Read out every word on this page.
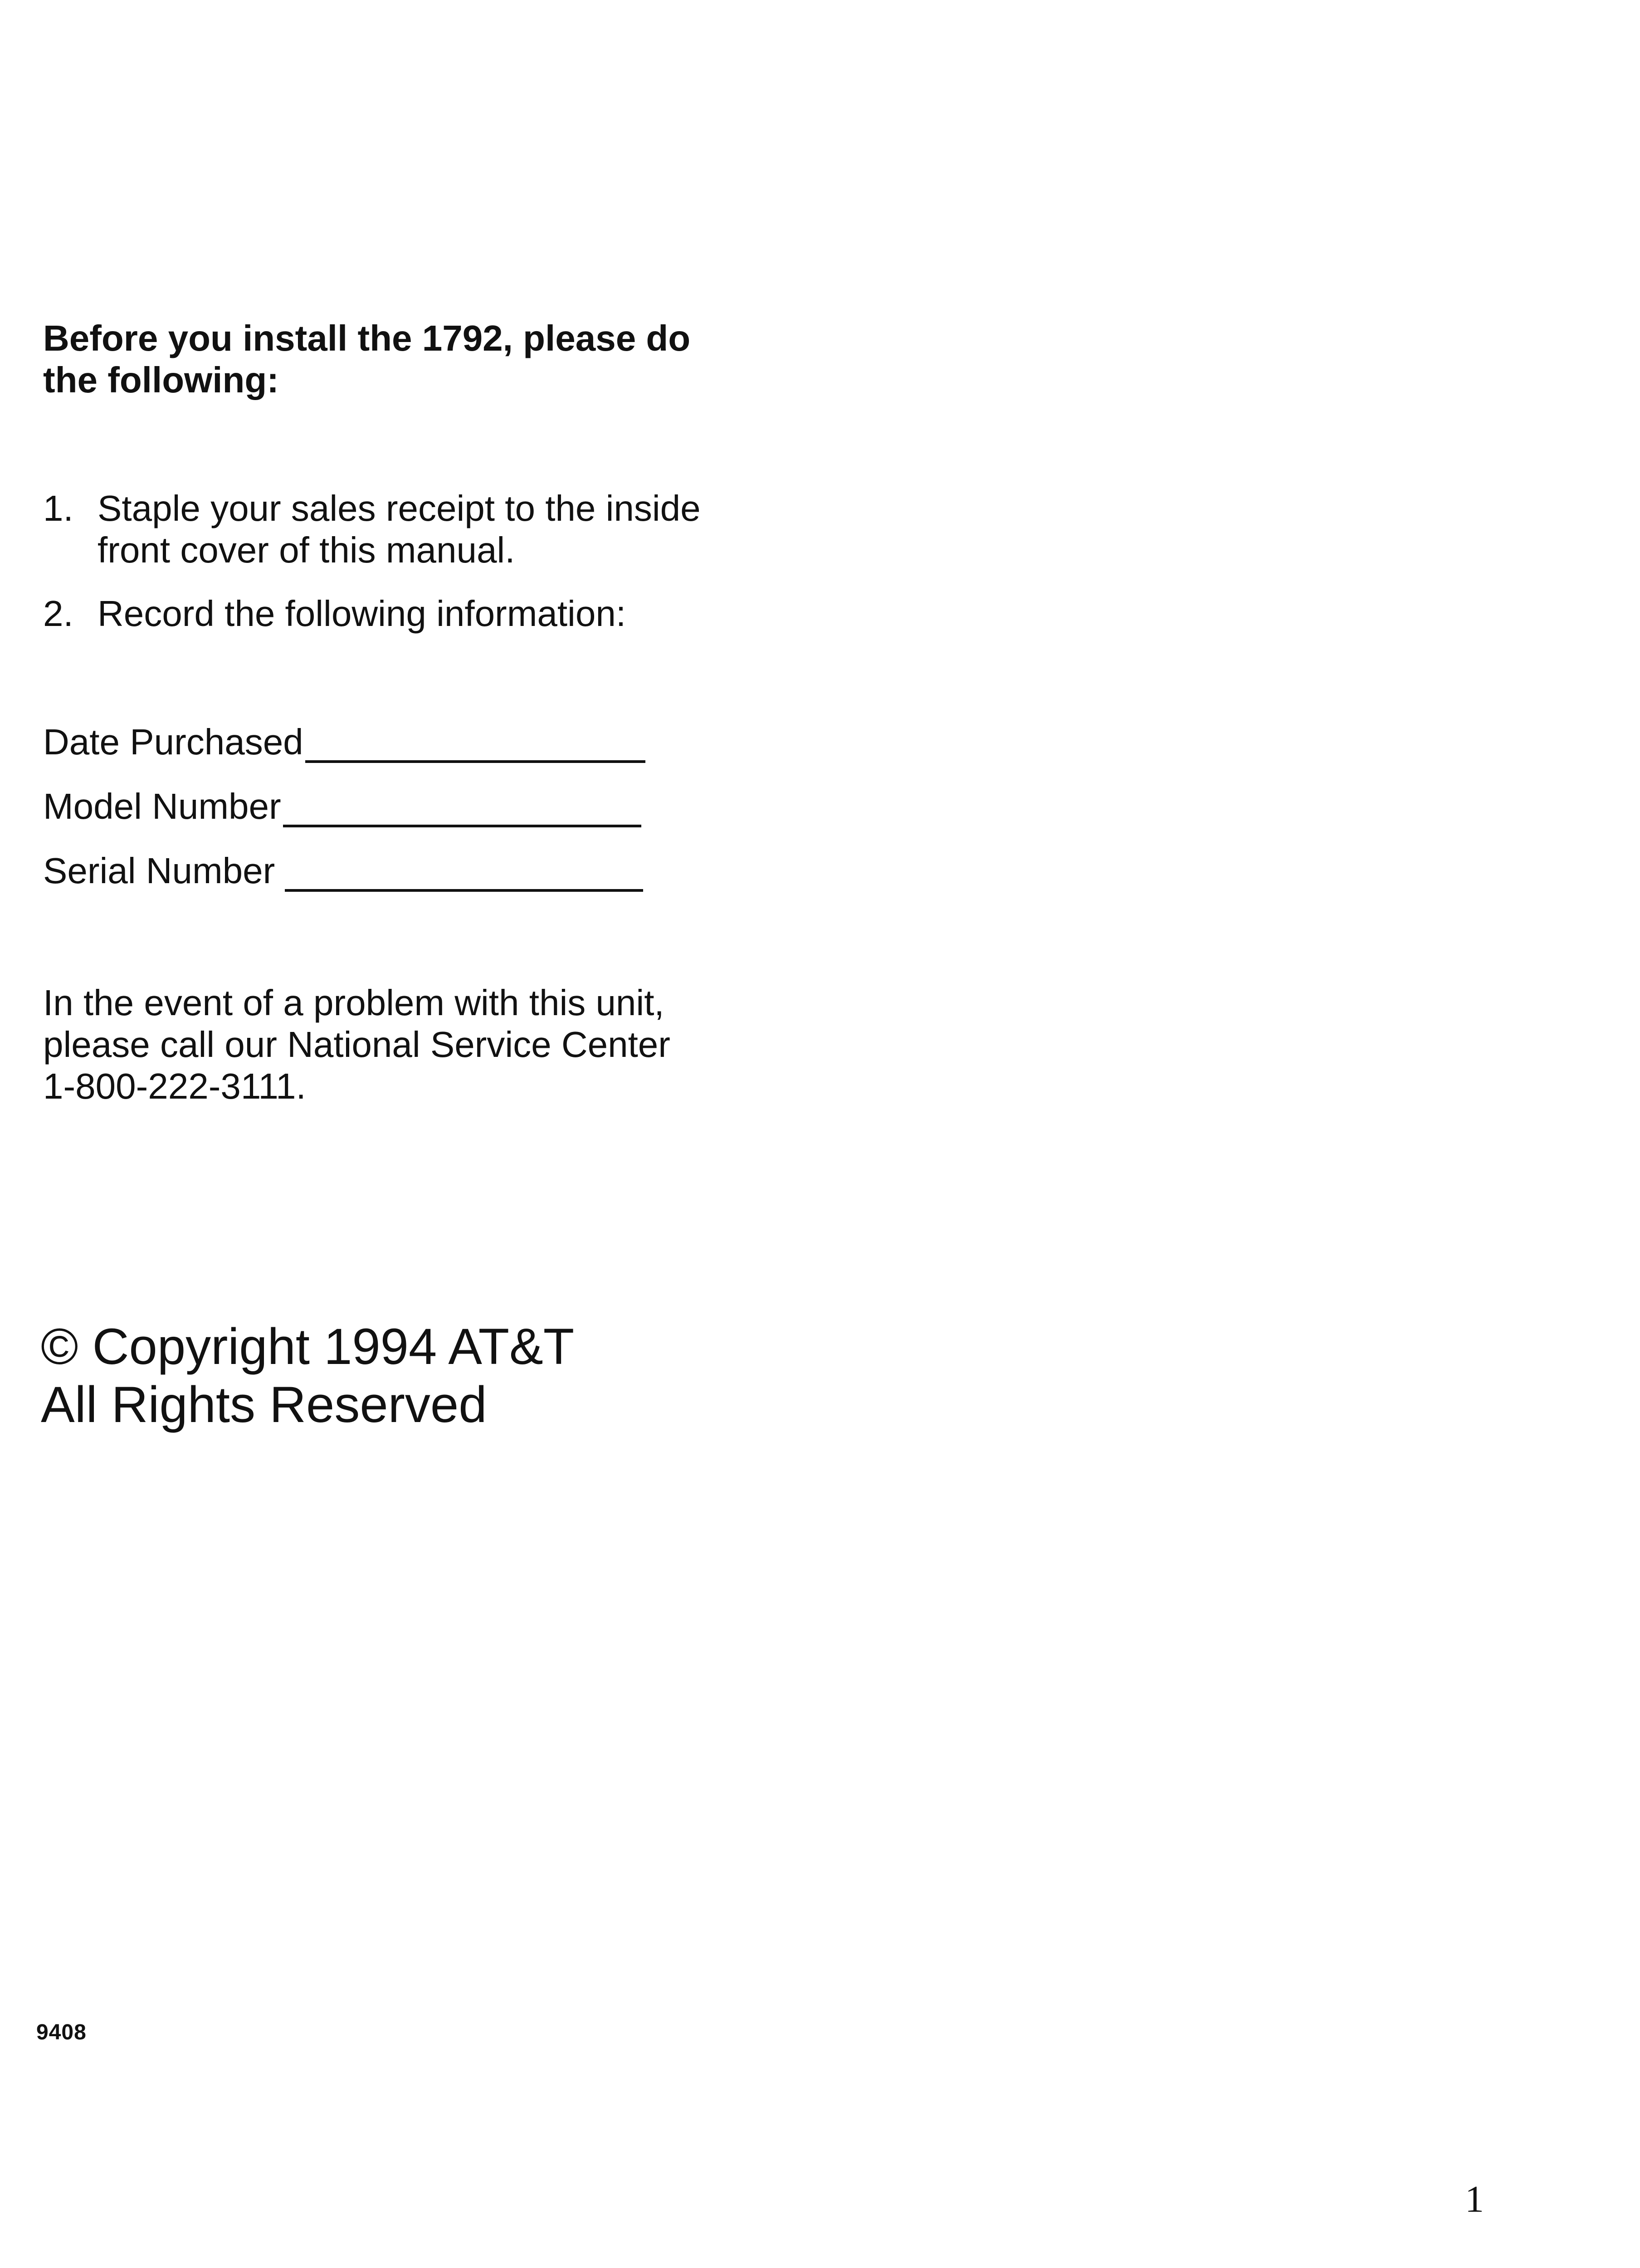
Before you install the 1792, please do
the following:
1. Staple your sales receipt to the inside
front cover of this manual.
2. Record the following information:
Date Purchased
Model Number
Serial Number
In the event of a problem with this unit,
please call our National Service Center
1-800-222-3111.
© Copyright 1994 AT&T
All Rights Reserved
9408
1
